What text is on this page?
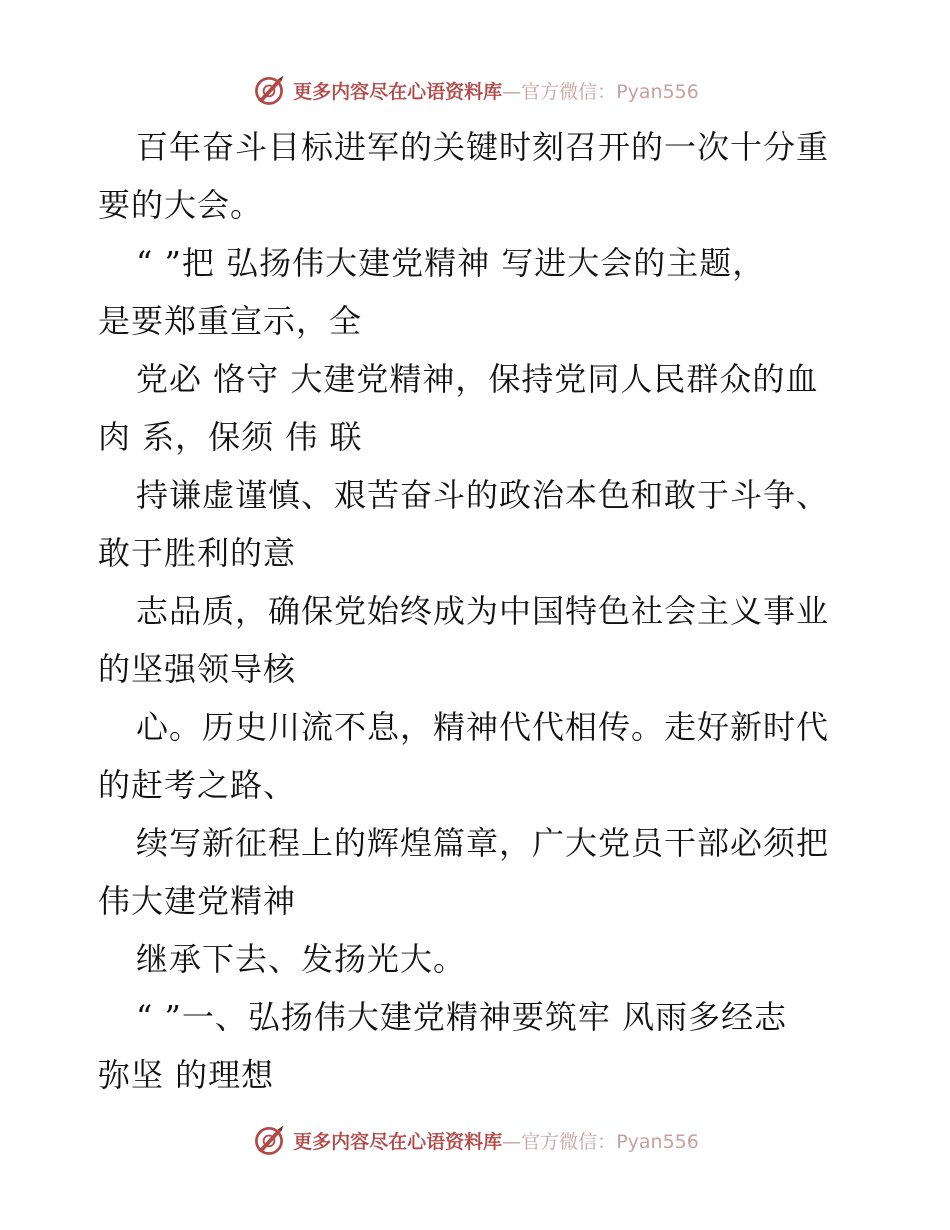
更多内容尽在心语资料库—官方微信：Pyan556
百年奋斗目标进军的关键时刻召开的一次十分重
要的大会。
“ ”把 弘扬伟大建党精神 写进大会的主题，
是要郑重宣示，全
党必 恪守 大建党精神，保持党同人民群众的血
肉 系，保须 伟 联
持谦虚谨慎、艰苦奋斗的政治本色和敢于斗争、
敢于胜利的意
志品质，确保党始终成为中国特色社会主义事业
的坚强领导核
心。历史川流不息，精神代代相传。走好新时代
的赶考之路、
续写新征程上的辉煌篇章，广大党员干部必须把
伟大建党精神
继承下去、发扬光大。
“ ”一、弘扬伟大建党精神要筑牢 风雨多经志
弥坚 的理想
更多内容尽在心语资料库—官方微信：Pyan556
